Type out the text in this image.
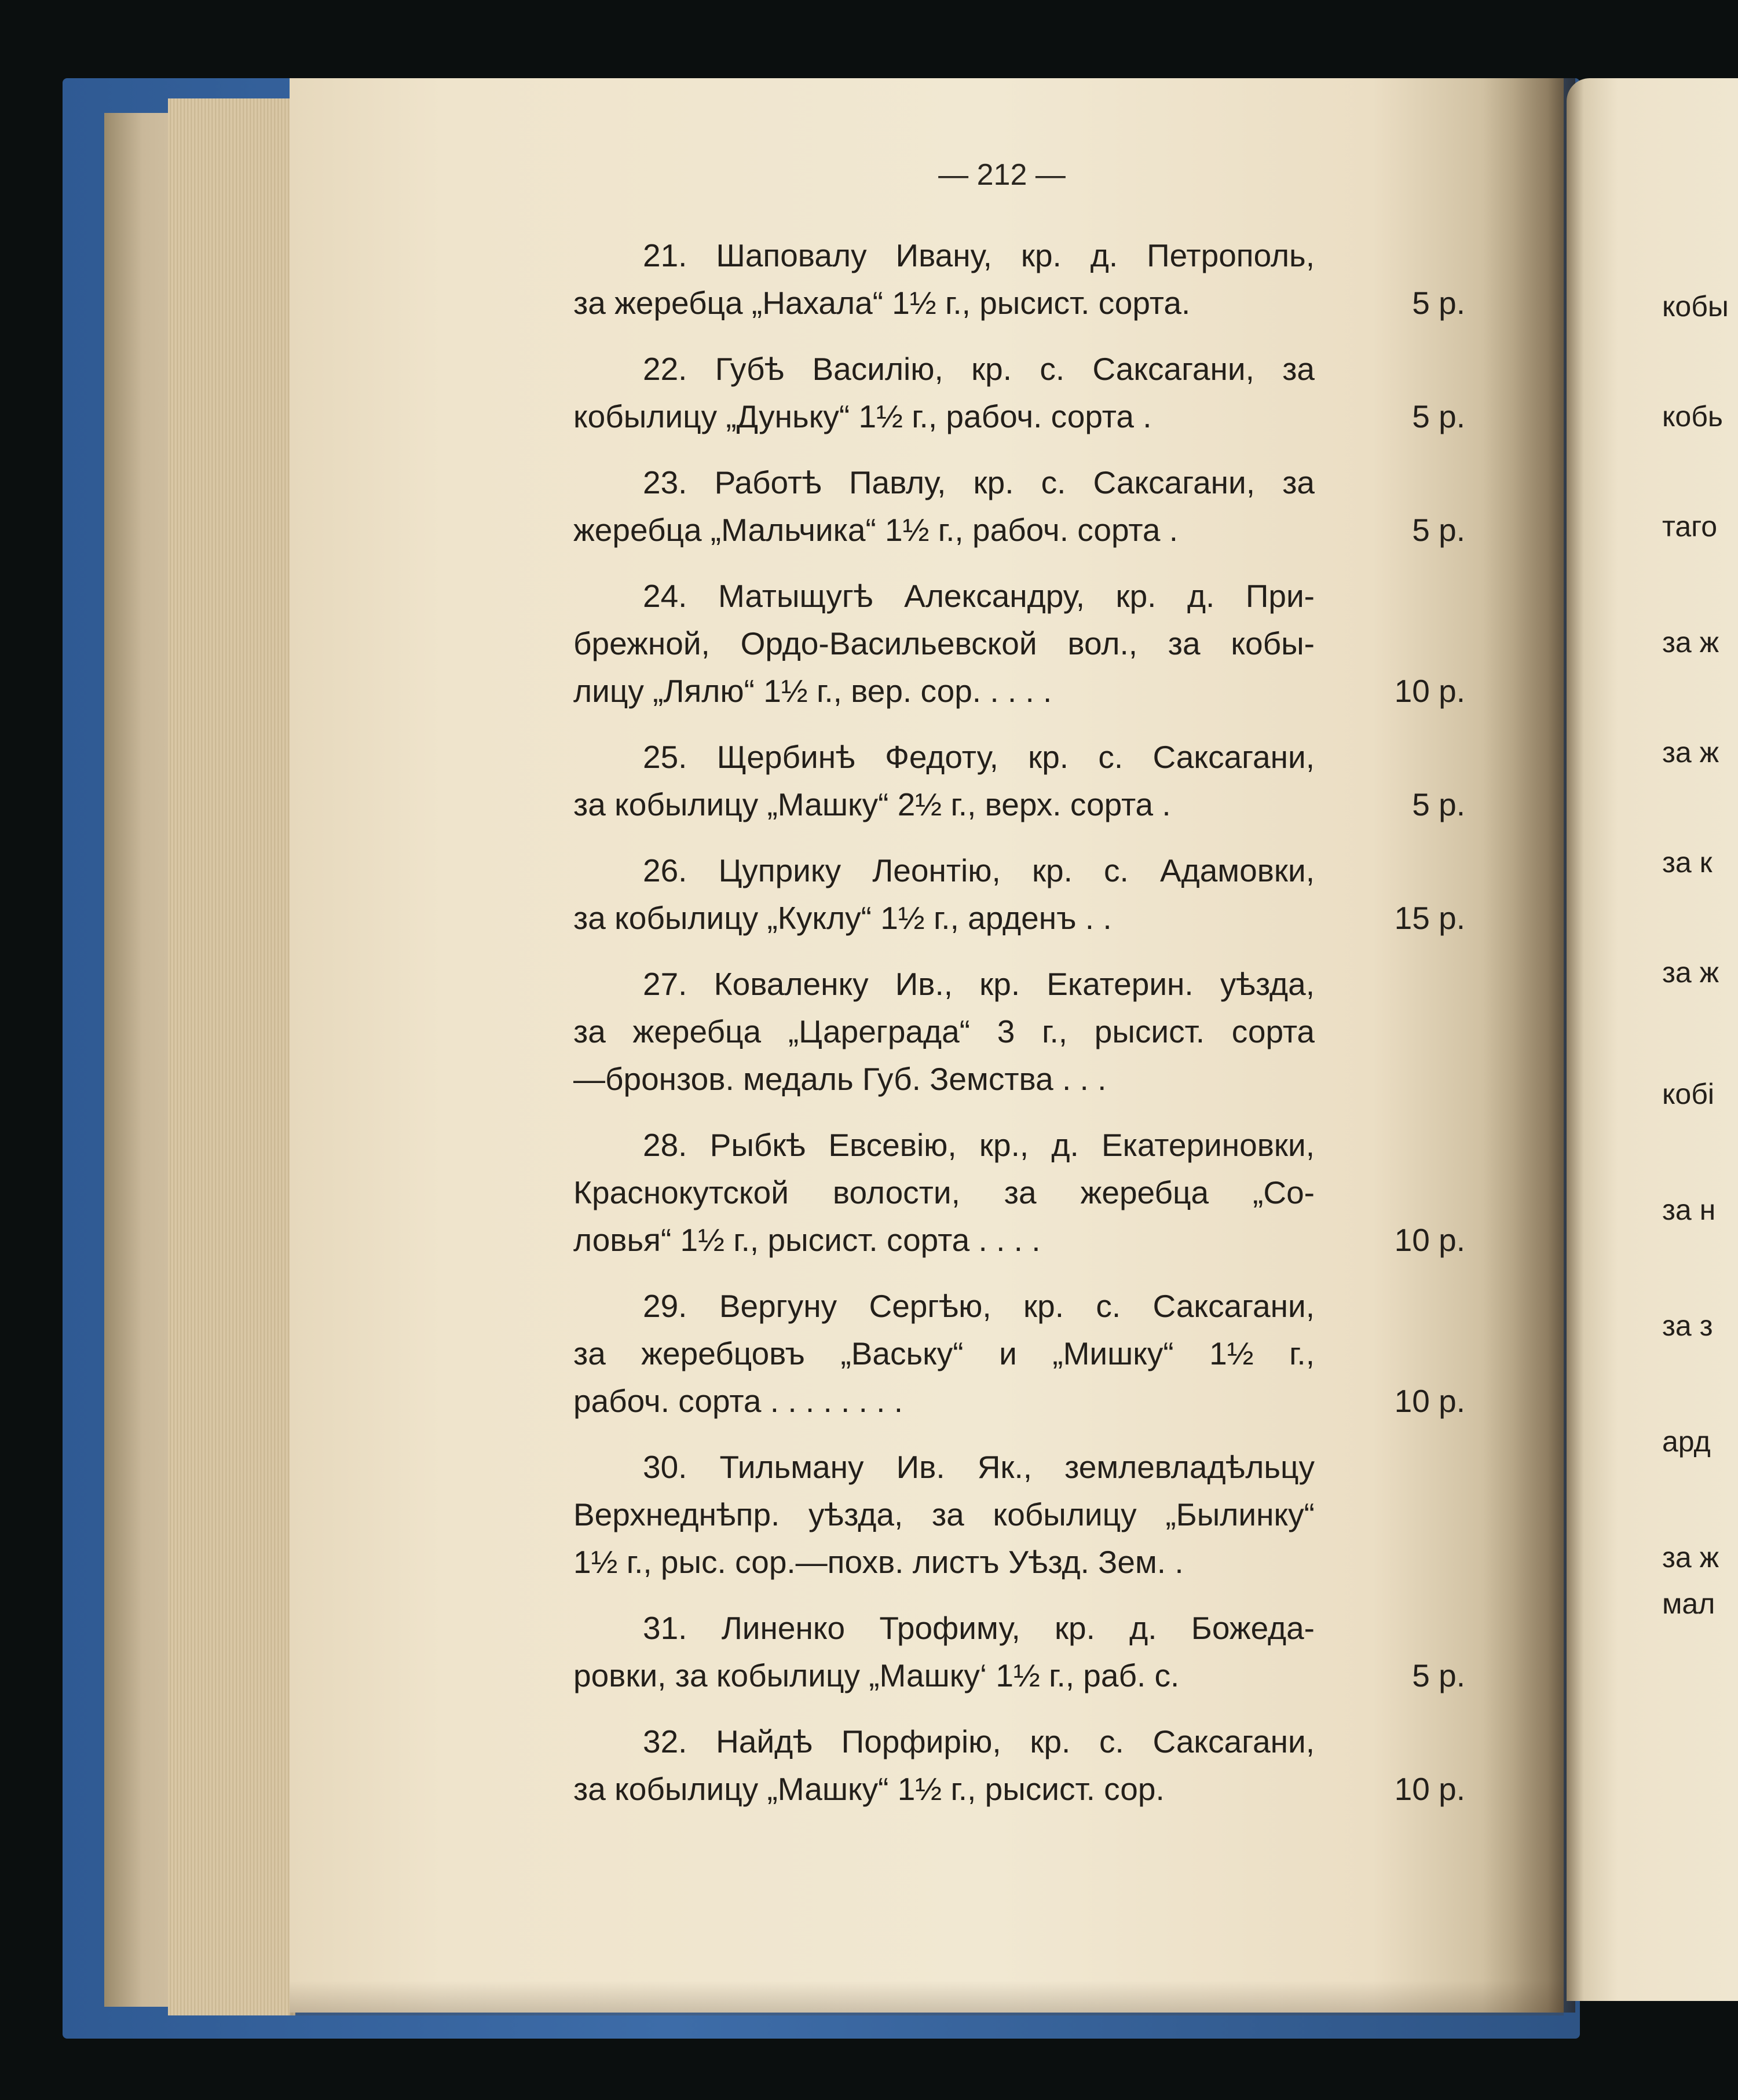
— 212 —
21. Шаповалу Ивану, кр. д. Петрополь,
за жеребца „Нахала“ 1½ г., рысист. сорта.	5 р.
22. Губѣ Василію, кр. с. Саксагани, за
кобылицу „Дуньку“ 1½ г., рабоч. сорта .	5 р.
23. Работѣ Павлу, кр. с. Саксагани, за
жеребца „Мальчика“ 1½ г., рабоч. сорта .	5 р.
24. Матыщугѣ Александру, кр. д. При-
брежной, Ордо-Васильевской вол., за кобы-
лицу „Лялю“ 1½ г., вер. сор. . . . .	10 р.
25. Щербинѣ Федоту, кр. с. Саксагани,
за кобылицу „Машку“ 2½ г., верх. сорта .	5 р.
26. Цуприку Леонтію, кр. с. Адамовки,
за кобылицу „Куклу“ 1½ г., арденъ . .	15 р.
27. Коваленку Ив., кр. Екатерин. уѣзда,
за жеребца „Цареграда“ 3 г., рысист. сорта
—бронзов. медаль Губ. Земства . . .
28. Рыбкѣ Евсевію, кр., д. Екатериновки,
Краснокутской волости, за жеребца „Со-
ловья“ 1½ г., рысист. сорта . . . .	10 р.
29. Вергуну Сергѣю, кр. с. Саксагани,
за жеребцовъ „Ваську“ и „Мишку“ 1½ г.,
рабоч. сорта . . . . . . . .	10 р.
30. Тильману Ив. Як., землевладѣльцу
Верхнеднѣпр. уѣзда, за кобылицу „Былинку“
1½ г., рыс. сор.—похв. листъ Уѣзд. Зем. .
31. Линенко Трофиму, кр. д. Божеда-
ровки, за кобылицу „Машку‘ 1½ г., раб. с.	5 р.
32. Найдѣ Порфирію, кр. с. Саксагани,
за кобылицу „Машку“ 1½ г., рысист. сор.	10 р.
кобы
кобь
таго
за ж
за ж
за к
за ж
кобі
за н
за з
ард
за ж
мал
